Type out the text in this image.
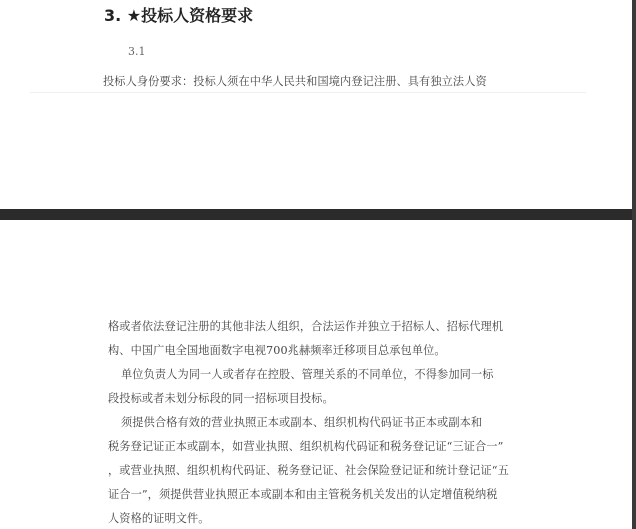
3. ★投标人资格要求
3.1
投标人身份要求：投标人须在中华人民共和国境内登记注册、具有独立法人资
格或者依法登记注册的其他非法人组织，合法运作并独立于招标人、招标代理机
构、中国广电全国地面数字电视700兆赫频率迁移项目总承包单位。
单位负责人为同一人或者存在控股、管理关系的不同单位，不得参加同一标
段投标或者未划分标段的同一招标项目投标。
须提供合格有效的营业执照正本或副本、组织机构代码证书正本或副本和
税务登记证正本或副本，如营业执照、组织机构代码证和税务登记证“三证合一”
，或营业执照、组织机构代码证、税务登记证、社会保险登记证和统计登记证“五
证合一”，须提供营业执照正本或副本和由主管税务机关发出的认定增值税纳税
人资格的证明文件。
